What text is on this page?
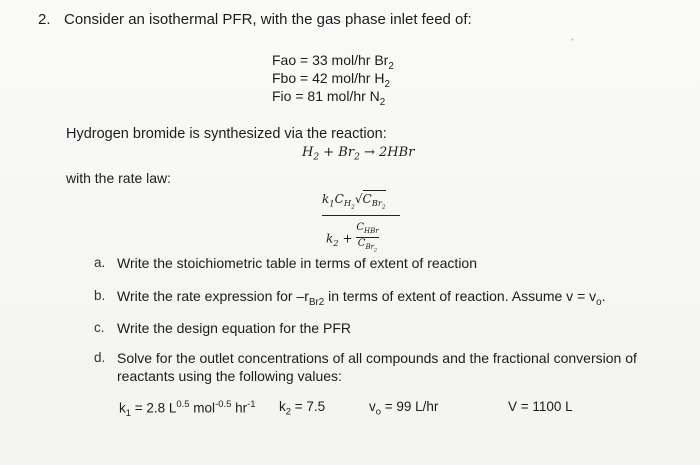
2. Consider an isothermal PFR, with the gas phase inlet feed of:
ˏ
Fao = 33 mol/hr $Br_2$
Fbo = 42 mol/hr $H_2$
Fio = 81 mol/hr $N_2$
Hydrogen bromide is synthesized via the reaction:
$H_2 + Br_2 \to 2HBr$
with the rate law:
$k_1C_{H_2}√C_{Br_2}$
$k_2$ +
$C_{HBr}$
$C_{Br_2}$
a. Write the stoichiometric table in terms of extent of reaction
b. Write the rate expression for $-r_{Br2}$ in terms of extent of reaction. Assume $v = v_o$.
c. Write the design equation for the PFR
d. Solve for the outlet concentrations of all compounds and the fractional conversion of
reactants using the following values:
$k_1 = 2.8$ $L^{0.5}$ mol$^{-0.5}$ $hr^{-1}$ $k_2 = 7.5$	$v_o = 99$ L/hr	V = 1100 L
